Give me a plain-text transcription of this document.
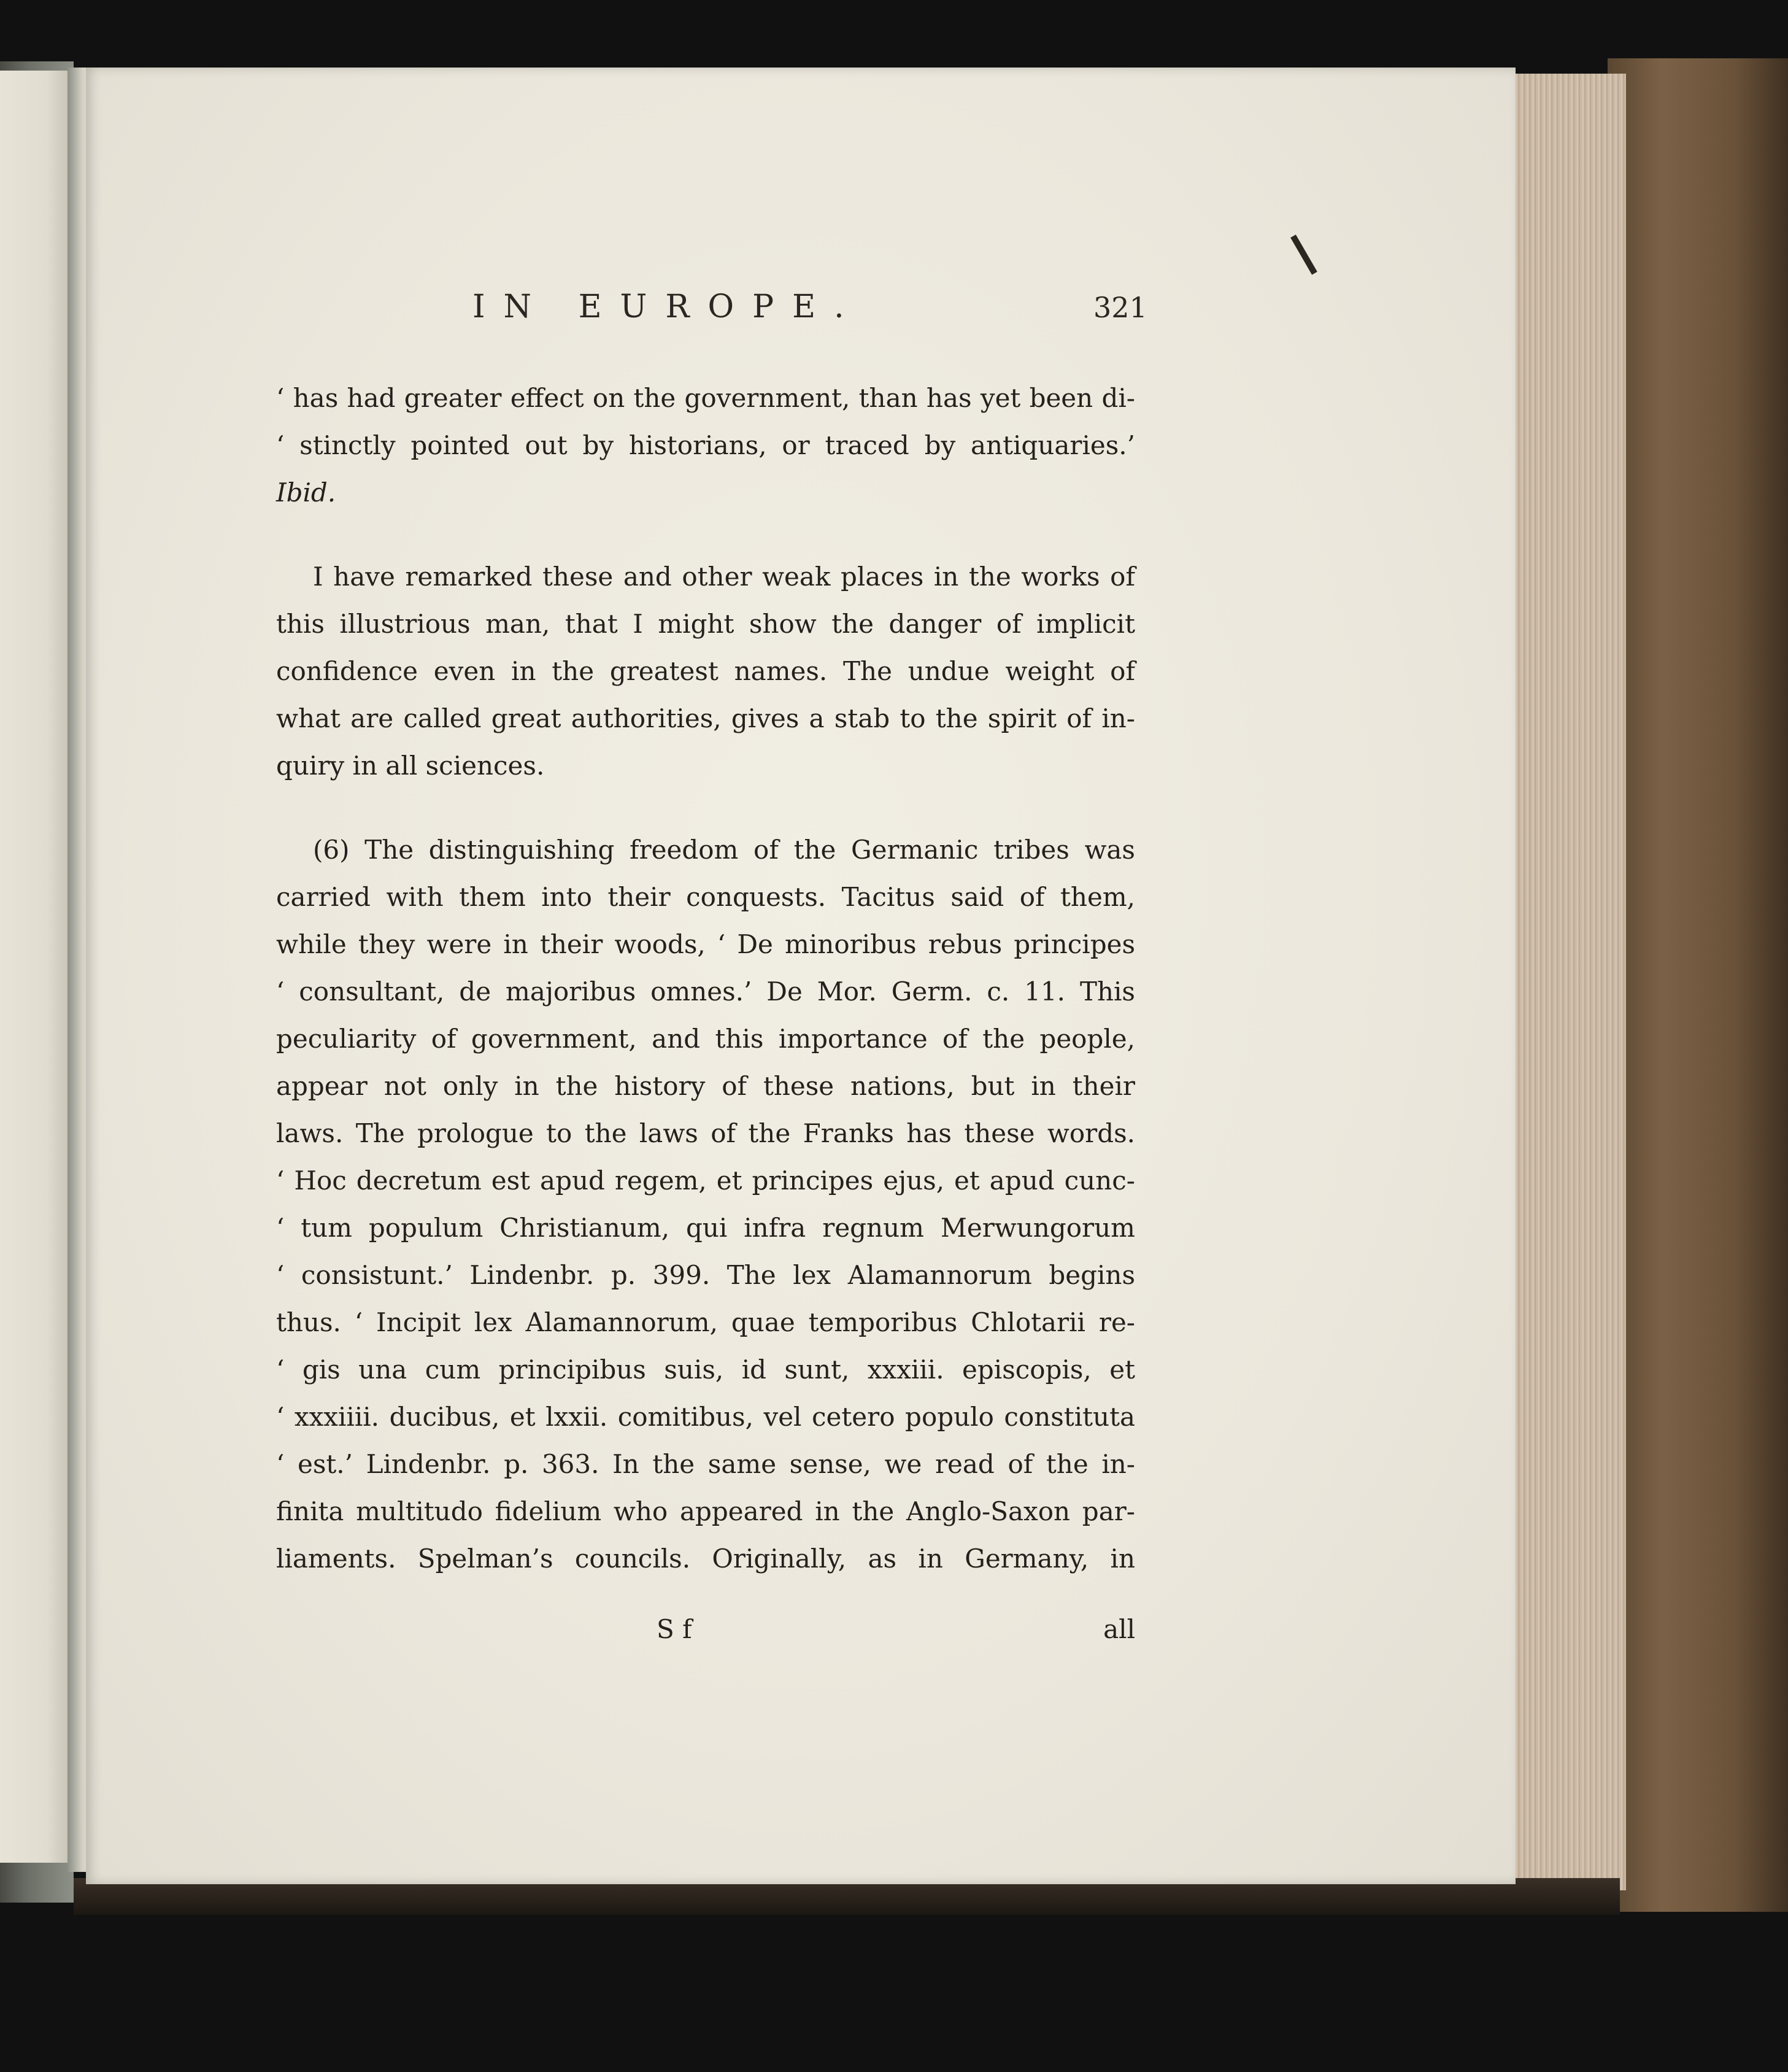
IN EUROPE.	321
‘ has had greater effect on the government, than has yet been di-
‘ stinctly pointed out by historians, or traced by antiquaries.’
Ibid.
I have remarked these and other weak places in the works of
this illustrious man, that I might show the danger of implicit
confidence even in the greatest names. The undue weight of
what are called great authorities, gives a stab to the spirit of in-
quiry in all sciences.
(6) The distinguishing freedom of the Germanic tribes was
carried with them into their conquests. Tacitus said of them,
while they were in their woods, ‘ De minoribus rebus principes
‘ consultant, de majoribus omnes.’ De Mor. Germ. c. 11. This
peculiarity of government, and this importance of the people,
appear not only in the history of these nations, but in their
laws. The prologue to the laws of the Franks has these words.
‘ Hoc decretum est apud regem, et principes ejus, et apud cunc-
‘ tum populum Christianum, qui infra regnum Merwungorum
‘ consistunt.’ Lindenbr. p. 399. The lex Alamannorum begins
thus. ‘ Incipit lex Alamannorum, quae temporibus Chlotarii re-
‘ gis una cum principibus suis, id sunt, xxxiii. episcopis, et
‘ xxxiiii. ducibus, et lxxii. comitibus, vel cetero populo constituta
‘ est.’ Lindenbr. p. 363. In the same sense, we read of the in-
finita multitudo fidelium who appeared in the Anglo-Saxon par-
liaments. Spelman’s councils. Originally, as in Germany, in
S f	all
